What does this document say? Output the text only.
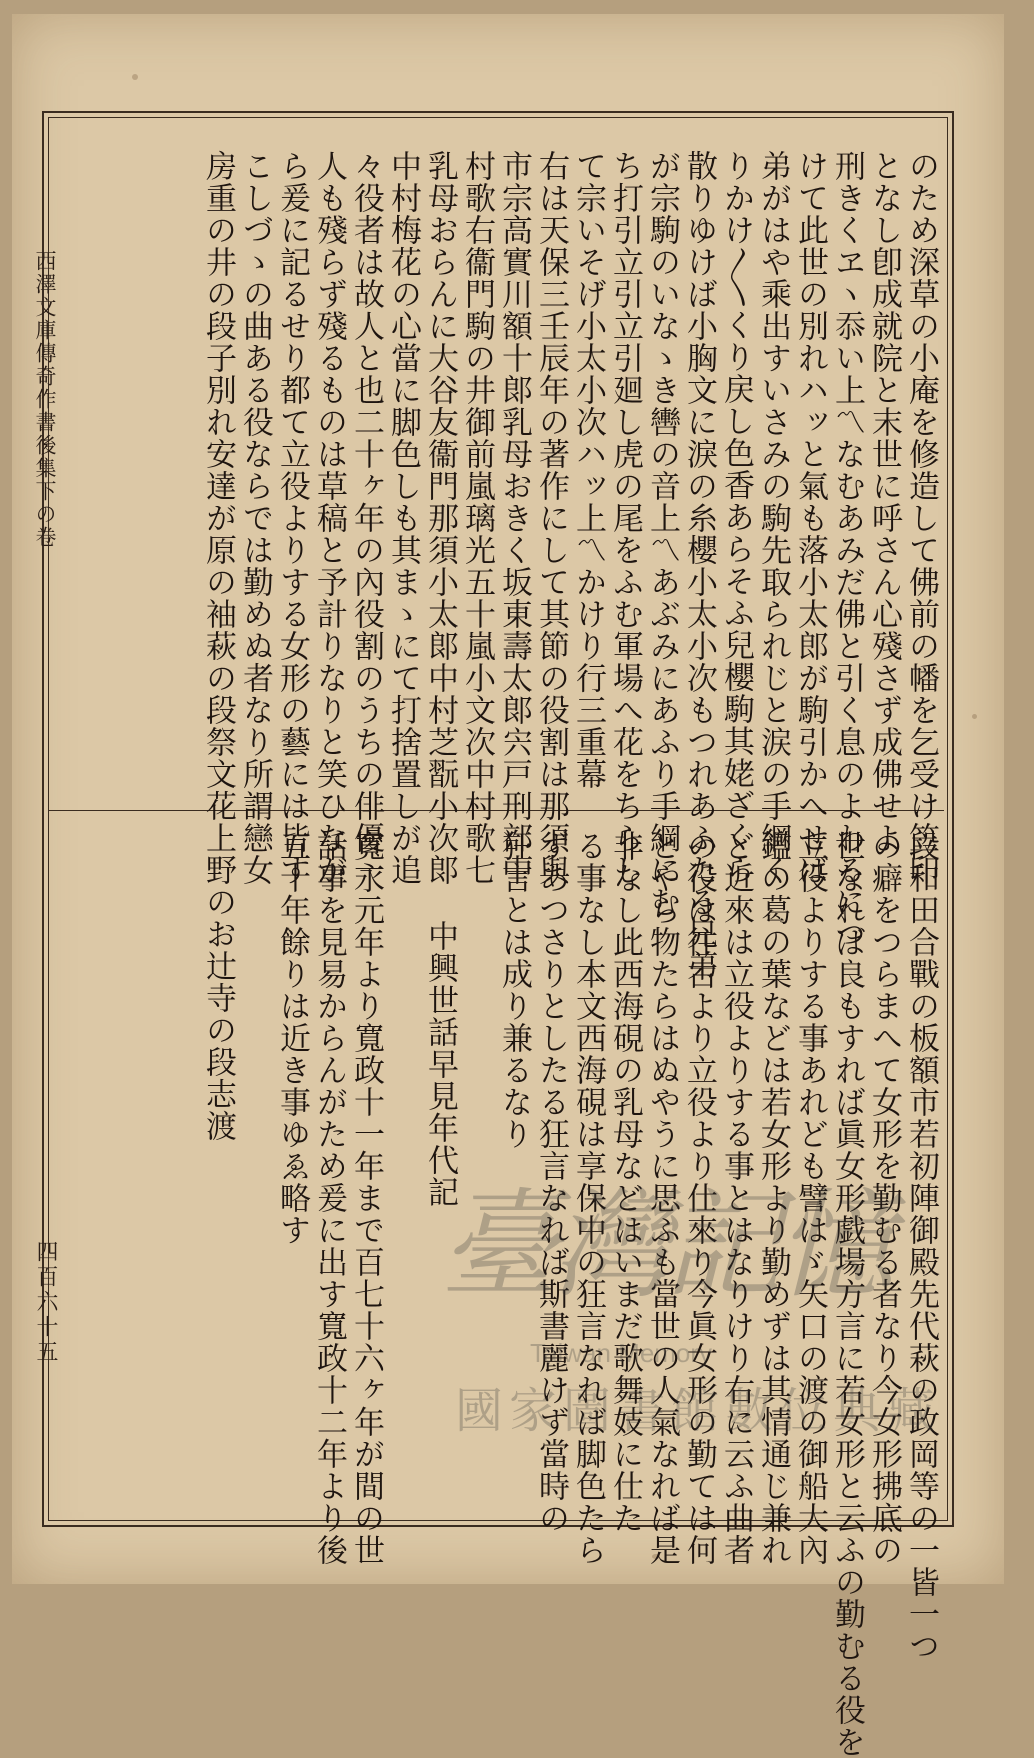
西澤文庫傳奇作書後集下の卷
四百六十五
のため深草の小庵を修造して佛前の幡を乞受け笠印
となし卽成就院と末世に呼さん心殘さず成佛せよ
刑きくヱヽ忝い上〽なむあみだ佛と引く息のよわるにつ
けて此世の別れハッと氣も落小太郎が駒引かへせば
弟がはや乘出すいさみの駒先取られじと涙の手綱く
りかけ〳〵くり戻し色香あらそふ兒櫻駒其姥ざくら
散りゆけば小胸文に淚の糸櫻小太小次もつれあふたる兄弟
が宗駒のいなゝき轡の音上〽あぶみにあふり手綱にむ
ち打引立引立引廻し虎の尾をふむ軍場へ花をちらし
て宗いそげ小太小次ハッ上〽かけり行三重幕
右は天保三壬辰年の著作にして其節の役割は那須與
市宗高實川額十郞乳母おきく坂東壽太郞宍戸刑部中
村歌右衞門駒の井御前嵐璃光五十嵐小文次中村歌七
乳母おらんに大谷友衞門那須小太郞中村芝翫小次郞
中村梅花の心當に脚色しも其まゝにて打捨置しが追
々役者は故人と也二十ヶ年の內役割のうちの俳優一
人も殘らず殘るものは草稿と予計りなりと笑ひなが
ら爰に記るせり都て立役よりする女形の藝には皆す
こしづゝの曲ある役ならでは勤めぬ者なり所謂戀女
房重の井の段子別れ安達が原の袖萩の段祭文花上野のお辻寺の段志渡
段和田合戰の板額市若初陣御殿先代萩の政岡等の一皆一つ
の癖をつらまへて女形を勤むる者なり今女形拂底の
世なれば良もすれば眞女形戯場方言に若女形と云ふの勤むる役を
立役よりする事あれども譬はゞ矢口の渡の御船大內
鑑の葛の葉などは若女形より勤めずは其情通じ兼れ
ど近來は立役よりする事とはなりけり右に云ふ曲者
の役は往古より立役より仕來り今眞女形の勤ては何
とやら物たらはぬやうに思ふも當世の人氣なれば是
非なし此西海硯の乳母などはいまだ歌舞妓に仕た
る事なし本文西海硯は享保中の狂言なれば脚色たら
ずあつさりとしたる狂言なれば斯書麗けず當時の
狂言とは成り兼るなり
中興世話早見年代記
寬永元年より寬政十一年まで百七十六ヶ年が間の世
話事を見易からんがため爰に出す寬政十二年より後
五十年餘りは近き事ゆゑ略す 臺灣記憶
Taiwan Memory
國家圖書館數位典藏
